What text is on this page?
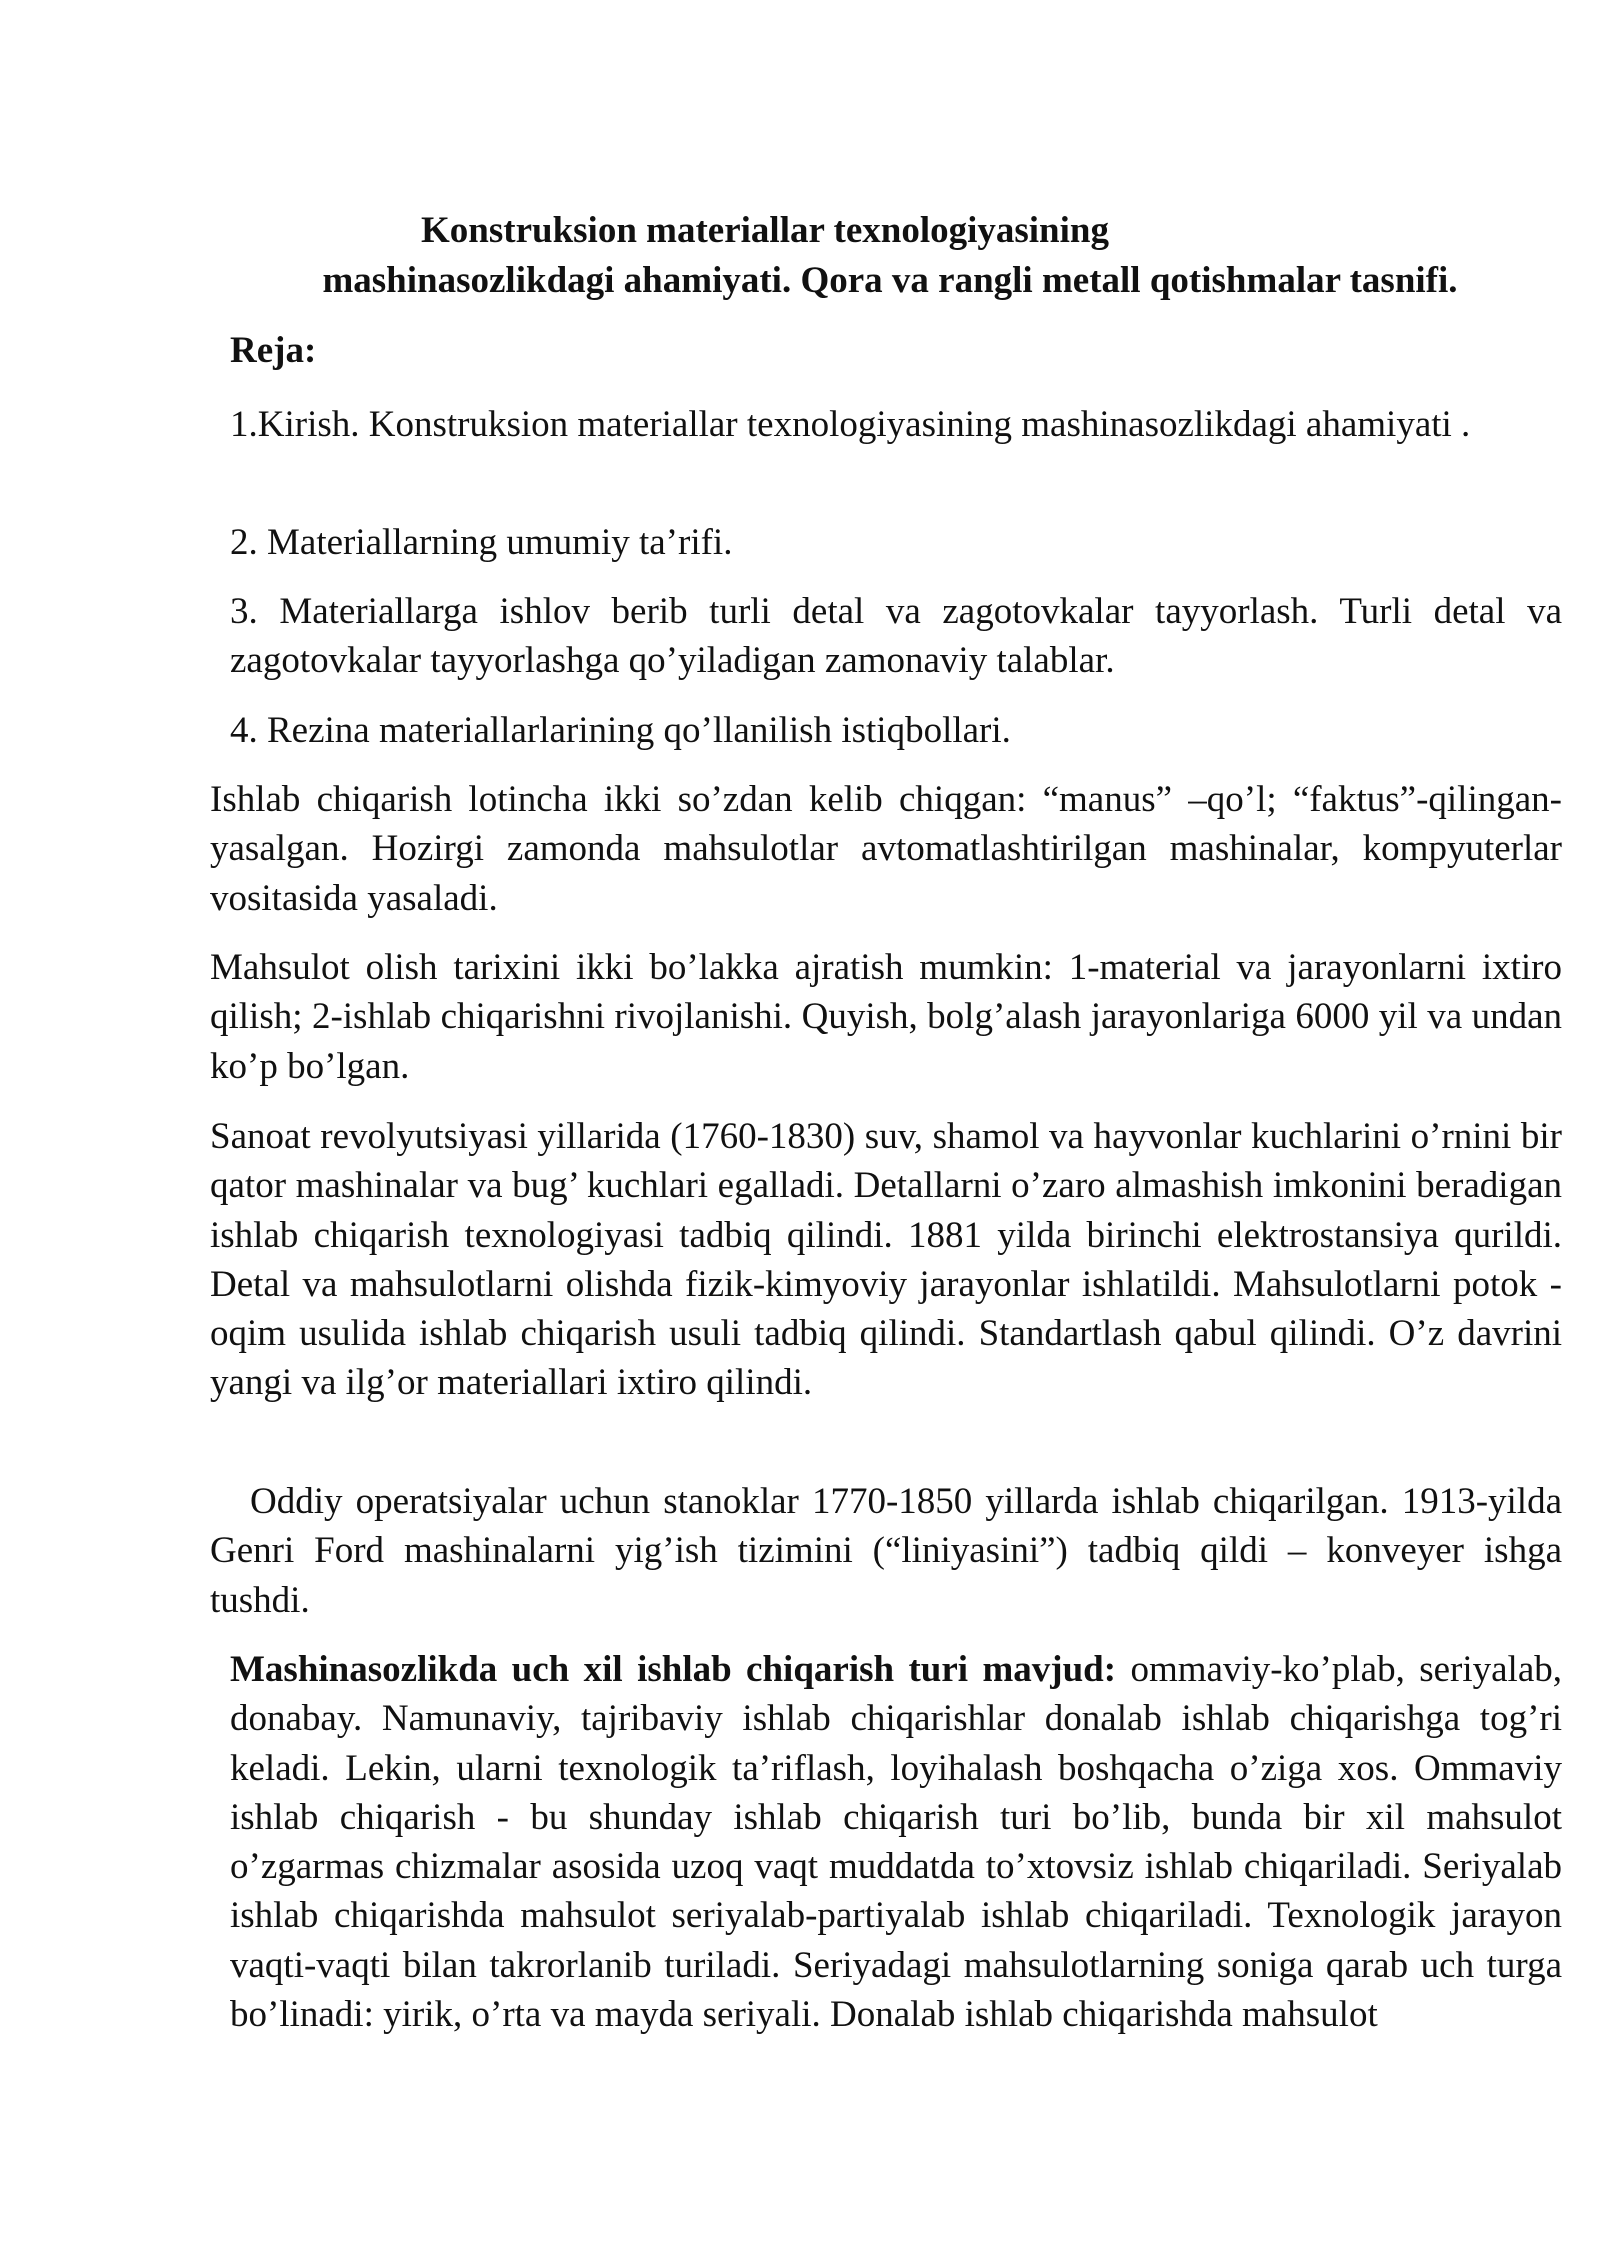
Konstruksion materiallar texnologiyasining

mashinasozlikdagi ahamiyati. Qora va rangli metall qotishmalar tasnifi.

Reja:

1.Kirish. Konstruksion materiallar texnologiyasining mashinasozlikdagi ahamiyati .

2. Materiallarning umumiy ta’rifi.

3. Materiallarga ishlov berib turli detal va zagotovkalar tayyorlash. Turli detal va zagotovkalar tayyorlashga qo’yiladigan zamonaviy talablar.

4. Rezina materiallarlarining qo’llanilish istiqbollari.

Ishlab chiqarish lotincha ikki so’zdan kelib chiqgan: “manus” –qo’l; “faktus”-qilingan-yasalgan. Hozirgi zamonda mahsulotlar avtomatlashtirilgan mashinalar, kompyuterlar vositasida yasaladi.

Mahsulot olish tarixini ikki bo’lakka ajratish mumkin: 1-material va jarayonlarni ixtiro qilish; 2-ishlab chiqarishni rivojlanishi. Quyish, bolg’alash jarayonlariga 6000 yil va undan ko’p bo’lgan.

Sanoat revolyutsiyasi yillarida (1760-1830) suv, shamol va hayvonlar kuchlarini o’rnini bir qator mashinalar va bug’ kuchlari egalladi. Detallarni o’zaro almashish imkonini beradigan ishlab chiqarish texnologiyasi tadbiq qilindi. 1881 yilda birinchi elektrostansiya qurildi. Detal va mahsulotlarni olishda fizik-kimyoviy jarayonlar ishlatildi. Mahsulotlarni potok - oqim usulida ishlab chiqarish usuli tadbiq qilindi. Standartlash qabul qilindi. O’z davrini yangi va ilg’or materiallari ixtiro qilindi.

Oddiy operatsiyalar uchun stanoklar 1770-1850 yillarda ishlab chiqarilgan. 1913-yilda Genri Ford mashinalarni yig’ish tizimini (“liniyasini”) tadbiq qildi – konveyer ishga tushdi.

Mashinasozlikda uch xil ishlab chiqarish turi mavjud: ommaviy-ko’plab, seriyalab, donabay. Namunaviy, tajribaviy ishlab chiqarishlar donalab ishlab chiqarishga tog’ri keladi. Lekin, ularni texnologik ta’riflash, loyihalash boshqacha o’ziga xos. Ommaviy ishlab chiqarish - bu shunday ishlab chiqarish turi bo’lib, bunda bir xil mahsulot o’zgarmas chizmalar asosida uzoq vaqt muddatda to’xtovsiz ishlab chiqariladi. Seriyalab ishlab chiqarishda mahsulot seriyalab-partiyalab ishlab chiqariladi. Texnologik jarayon vaqti-vaqti bilan takrorlanib turiladi. Seriyadagi mahsulotlarning soniga qarab uch turga bo’linadi: yirik, o’rta va mayda seriyali. Donalab ishlab chiqarishda mahsulot
